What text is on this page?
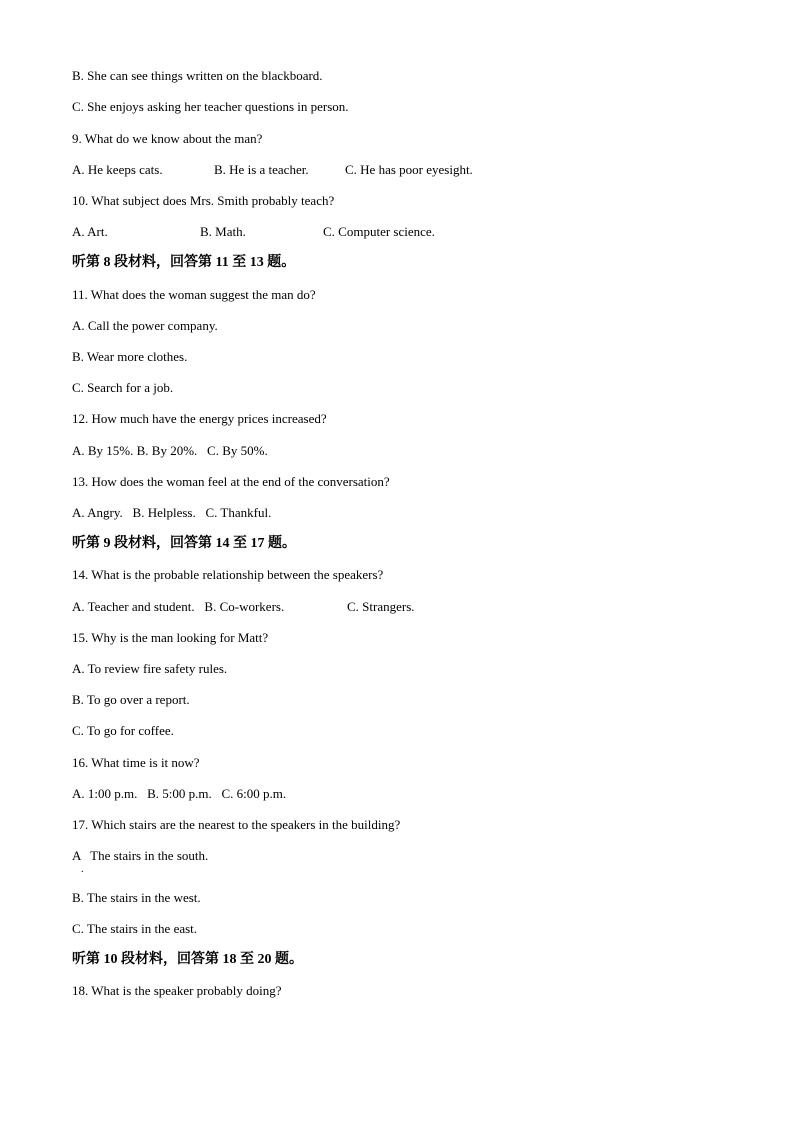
B. She can see things written on the blackboard.
C. She enjoys asking her teacher questions in person.
9. What do we know about the man?

A. He keeps cats.

	B. He is a teacher.

	C. He has poor eyesight.

10. What subject does Mrs. Smith probably teach?

A. Art.

	B. Math.

	C. Computer science.

听第 8 段材料，回答第 11 至 13 题。
11. What does the woman suggest the man do?
A. Call the power company.
B. Wear more clothes.
C. Search for a job.
12. How much have the energy prices increased?
A. By 15%. B. By 20%.   C. By 50%.
13. How does the woman feel at the end of the conversation?
A. Angry.   B. Helpless.   C. Thankful.
听第 9 段材料，回答第 14 至 17 题。
14. What is the probable relationship between the speakers?

A. Teacher and student.   B. Co-workers.

	C. Strangers.

15. Why is the man looking for Matt?
A. To review fire safety rules.
B. To go over a report.
C. To go for coffee.
16. What time is it now?
A. 1:00 p.m.   B. 5:00 p.m.   C. 6:00 p.m.
17. Which stairs are the nearest to the speakers in the building?
A   The stairs in the south.
.
B. The stairs in the west.
C. The stairs in the east.
听第 10 段材料，回答第 18 至 20 题。
18. What is the speaker probably doing?
